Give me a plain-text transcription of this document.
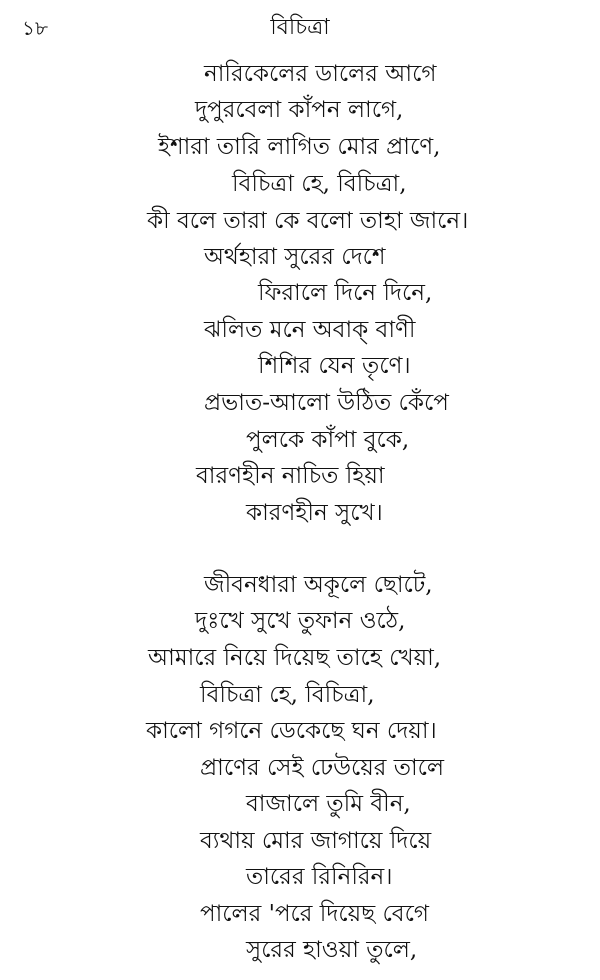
১৮	বিচিত্রা
নারিকেলের ডালের আগে
দুপুরবেলা কাঁপন লাগে,
ইশারা তারি লাগিত মোর প্রাণে,
বিচিত্রা হে, বিচিত্রা,
কী বলে তারা কে বলো তাহা জানে।
অর্থহারা সুরের দেশে
ফিরালে দিনে দিনে,
ঝলিত মনে অবাক্ বাণী
শিশির যেন তৃণে।
প্রভাত-আলো উঠিত কেঁপে
পুলকে কাঁপা বুকে,
বারণহীন নাচিত হিয়া
কারণহীন সুখে।
জীবনধারা অকূলে ছোটে,
দুঃখে সুখে তুফান ওঠে,
আমারে নিয়ে দিয়েছ তাহে খেয়া,
বিচিত্রা হে, বিচিত্রা,
কালো গগনে ডেকেছে ঘন দেয়া।
প্রাণের সেই ঢেউয়ের তালে
বাজালে তুমি বীন,
ব্যথায় মোর জাগায়ে দিয়ে
তারের রিনিরিন।
পালের 'পরে দিয়েছ বেগে
সুরের হাওয়া তুলে,
